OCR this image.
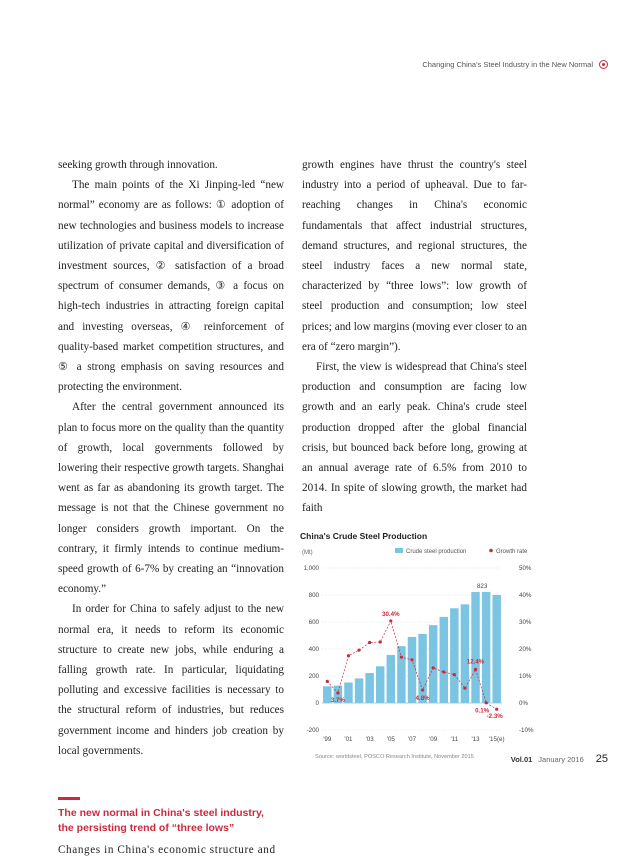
Changing China's Steel Industry in the New Normal

seeking growth through innovation.

The main points of the Xi Jinping-led “new normal” economy are as follows: ① adoption of new technologies and business models to increase utilization of private capital and diversification of investment sources, ② satisfaction of a broad spectrum of consumer demands, ③ a focus on high-tech industries in attracting foreign capital and investing overseas, ④ reinforcement of quality-based market competition structures, and ⑤ a strong emphasis on saving resources and protecting the environment.

After the central government announced its plan to focus more on the quality than the quantity of growth, local governments followed by lowering their respective growth targets. Shanghai went as far as abandoning its growth target. The message is not that the Chinese government no longer considers growth important. On the contrary, it firmly intends to continue medium-speed growth of 6-7% by creating an “innovation economy.”

In order for China to safely adjust to the new normal era, it needs to reform its economic structure to create new jobs, while enduring a falling growth rate. In particular, liquidating polluting and excessive facilities is necessary to the structural reform of industries, but reduces government income and hinders job creation by local governments.

The new normal in China's steel industry,
the persisting trend of “three lows”

Changes in China's economic structure and

growth engines have thrust the country's steel industry into a period of upheaval. Due to far-reaching changes in China's economic fundamentals that affect industrial structures, demand structures, and regional structures, the steel industry faces a new normal state, characterized by “three lows”: low growth of steel production and consumption; low steel prices; and low margins (moving ever closer to an era of “zero margin”).

First, the view is widespread that China's steel production and consumption are facing low growth and an early peak. China's crude steel production dropped after the global financial crisis, but bounced back before long, growing at an annual average rate of 6.5% from 2010 to 2014. In spite of slowing growth, the market had faith

China's Crude Steel Production
(Mt)	Crude steel production	Growth rate
1,000	50%
800	40%
600	30%
400	20%
200	10%
0	0%
-200	-10%
'99 '01 '03 '05 '07 '09 '11 '13 '15(e)
3.7%
30.4%
4.8%
12.4%
0.1%
-2.3%
823
Source: worldsteel, POSCO Research Institute, November 2015	Vol.01 January 2016 25
